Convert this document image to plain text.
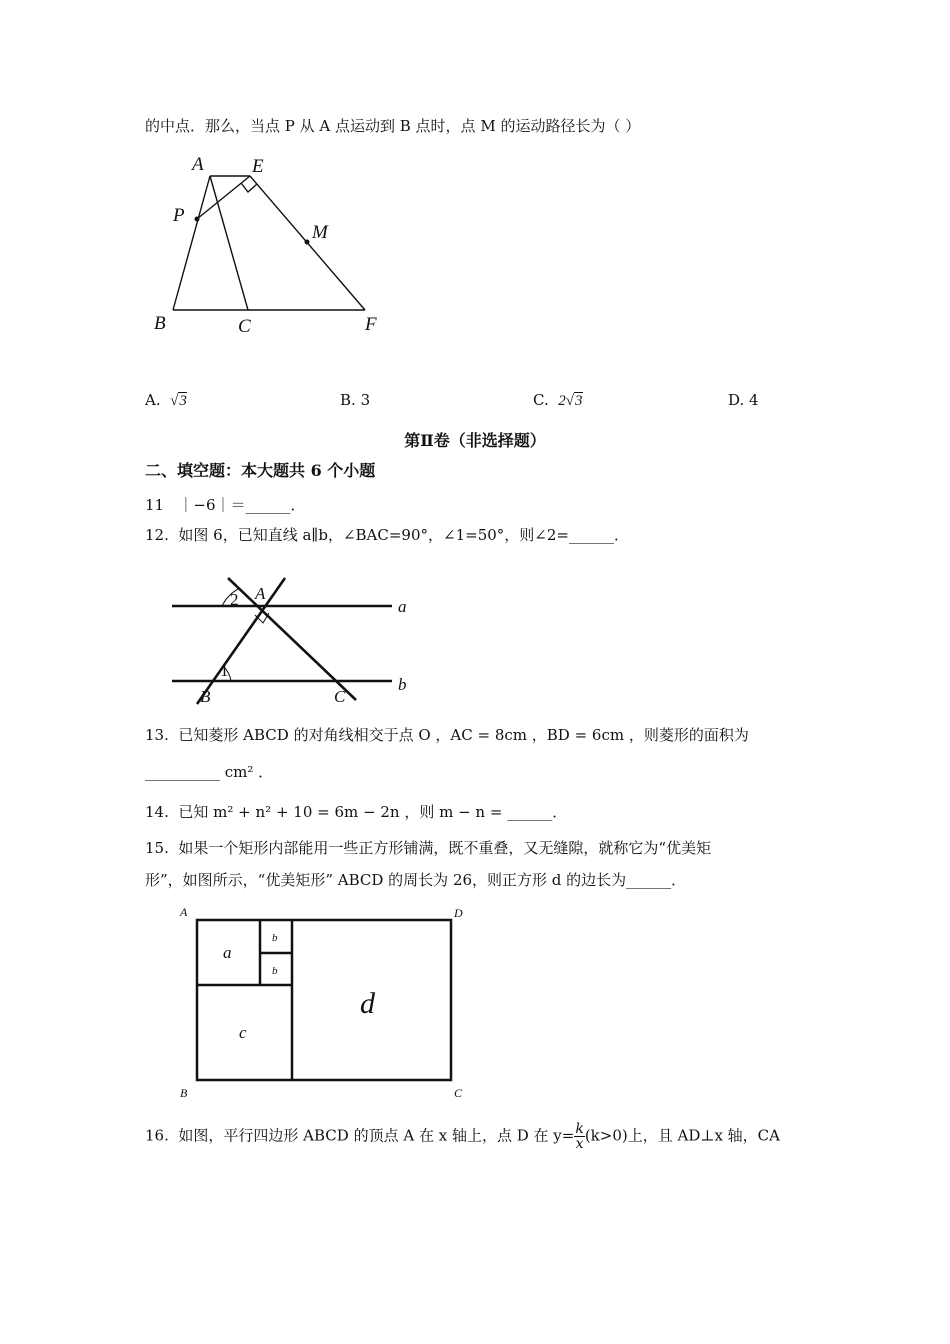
的中点．那么，当点 P 从 A 点运动到 B 点时，点 M 的运动路径长为（ ）
A	E
P
M
B	C	F
A. √3	B. 3	C. 2√3	D. 4
第Ⅱ卷（非选择题）
二、填空题：本大题共 6 个小题
11 ｜−6｜＝______．
12. 如图 6，已知直线 a∥b，∠BAC=90°，∠1=50°，则∠2=______．
2 A
a
1
B	C
b
13. 已知菱形 ABCD 的对角线相交于点 O ，AC = 8cm ，BD = 6cm ，则菱形的面积为
__________ cm² ．
14. 已知 m² + n² + 10 = 6m − 2n ，则 m − n = ______．
15. 如果一个矩形内部能用一些正方形铺满，既不重叠，又无缝隙，就称它为“优美矩
形”，如图所示，“优美矩形” ABCD 的周长为 26，则正方形 d 的边长为______．
A	D
B	C
a
b
b
c
d
16. 如图，平行四边形 ABCD 的顶点 A 在 x 轴上，点 D 在 $y= \frac{k}{x} (k>0)$上，且 AD⊥x 轴，CA
